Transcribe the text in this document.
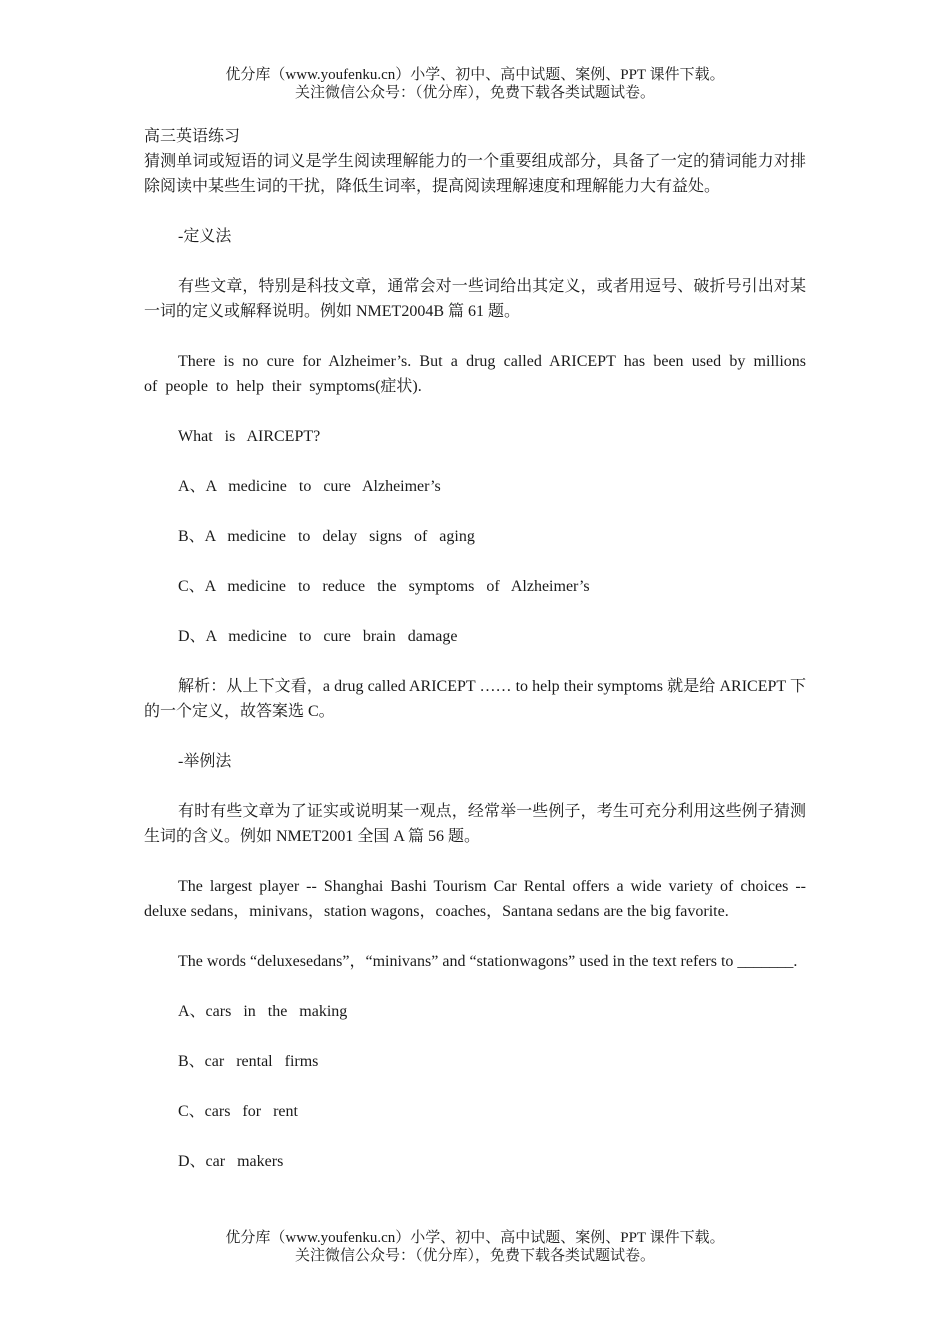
优分库（www.youfenku.cn）小学、初中、高中试题、案例、PPT 课件下载。
关注微信公众号：（优分库），免费下载各类试题试卷。

高三英语练习

猜测单词或短语的词义是学生阅读理解能力的一个重要组成部分，具备了一定的猜词能力对排除阅读中某些生词的干扰，降低生词率，提高阅读理解速度和理解能力大有益处。

-定义法

有些文章，特别是科技文章，通常会对一些词给出其定义，或者用逗号、破折号引出对某一词的定义或解释说明。例如 NMET2004B 篇 61 题。

There is no cure for Alzheimer’s. But a drug called ARICEPT has been used by millions of people to help their symptoms(症状).

What   is   AIRCEPT?

A、A   medicine   to   cure   Alzheimer’s

B、A   medicine   to   delay   signs   of   aging

C、A   medicine   to   reduce   the   symptoms   of   Alzheimer’s

D、A   medicine   to   cure   brain   damage

解析：从上下文看，a drug called ARICEPT …… to help their symptoms 就是给 ARICEPT 下的一个定义，故答案选 C。

-举例法

有时有些文章为了证实或说明某一观点，经常举一些例子，考生可充分利用这些例子猜测生词的含义。例如 NMET2001 全国 A 篇 56 题。

The largest player -- Shanghai Bashi Tourism Car Rental offers a wide variety of choices -- deluxe sedans，minivans，station wagons，coaches，Santana sedans are the big favorite.

The words “deluxesedans”，“minivans” and “stationwagons” used in the text refers to _______.

A、cars   in   the   making

B、car   rental   firms

C、cars   for   rent

D、car   makers

优分库（www.youfenku.cn）小学、初中、高中试题、案例、PPT 课件下载。
关注微信公众号：（优分库），免费下载各类试题试卷。
